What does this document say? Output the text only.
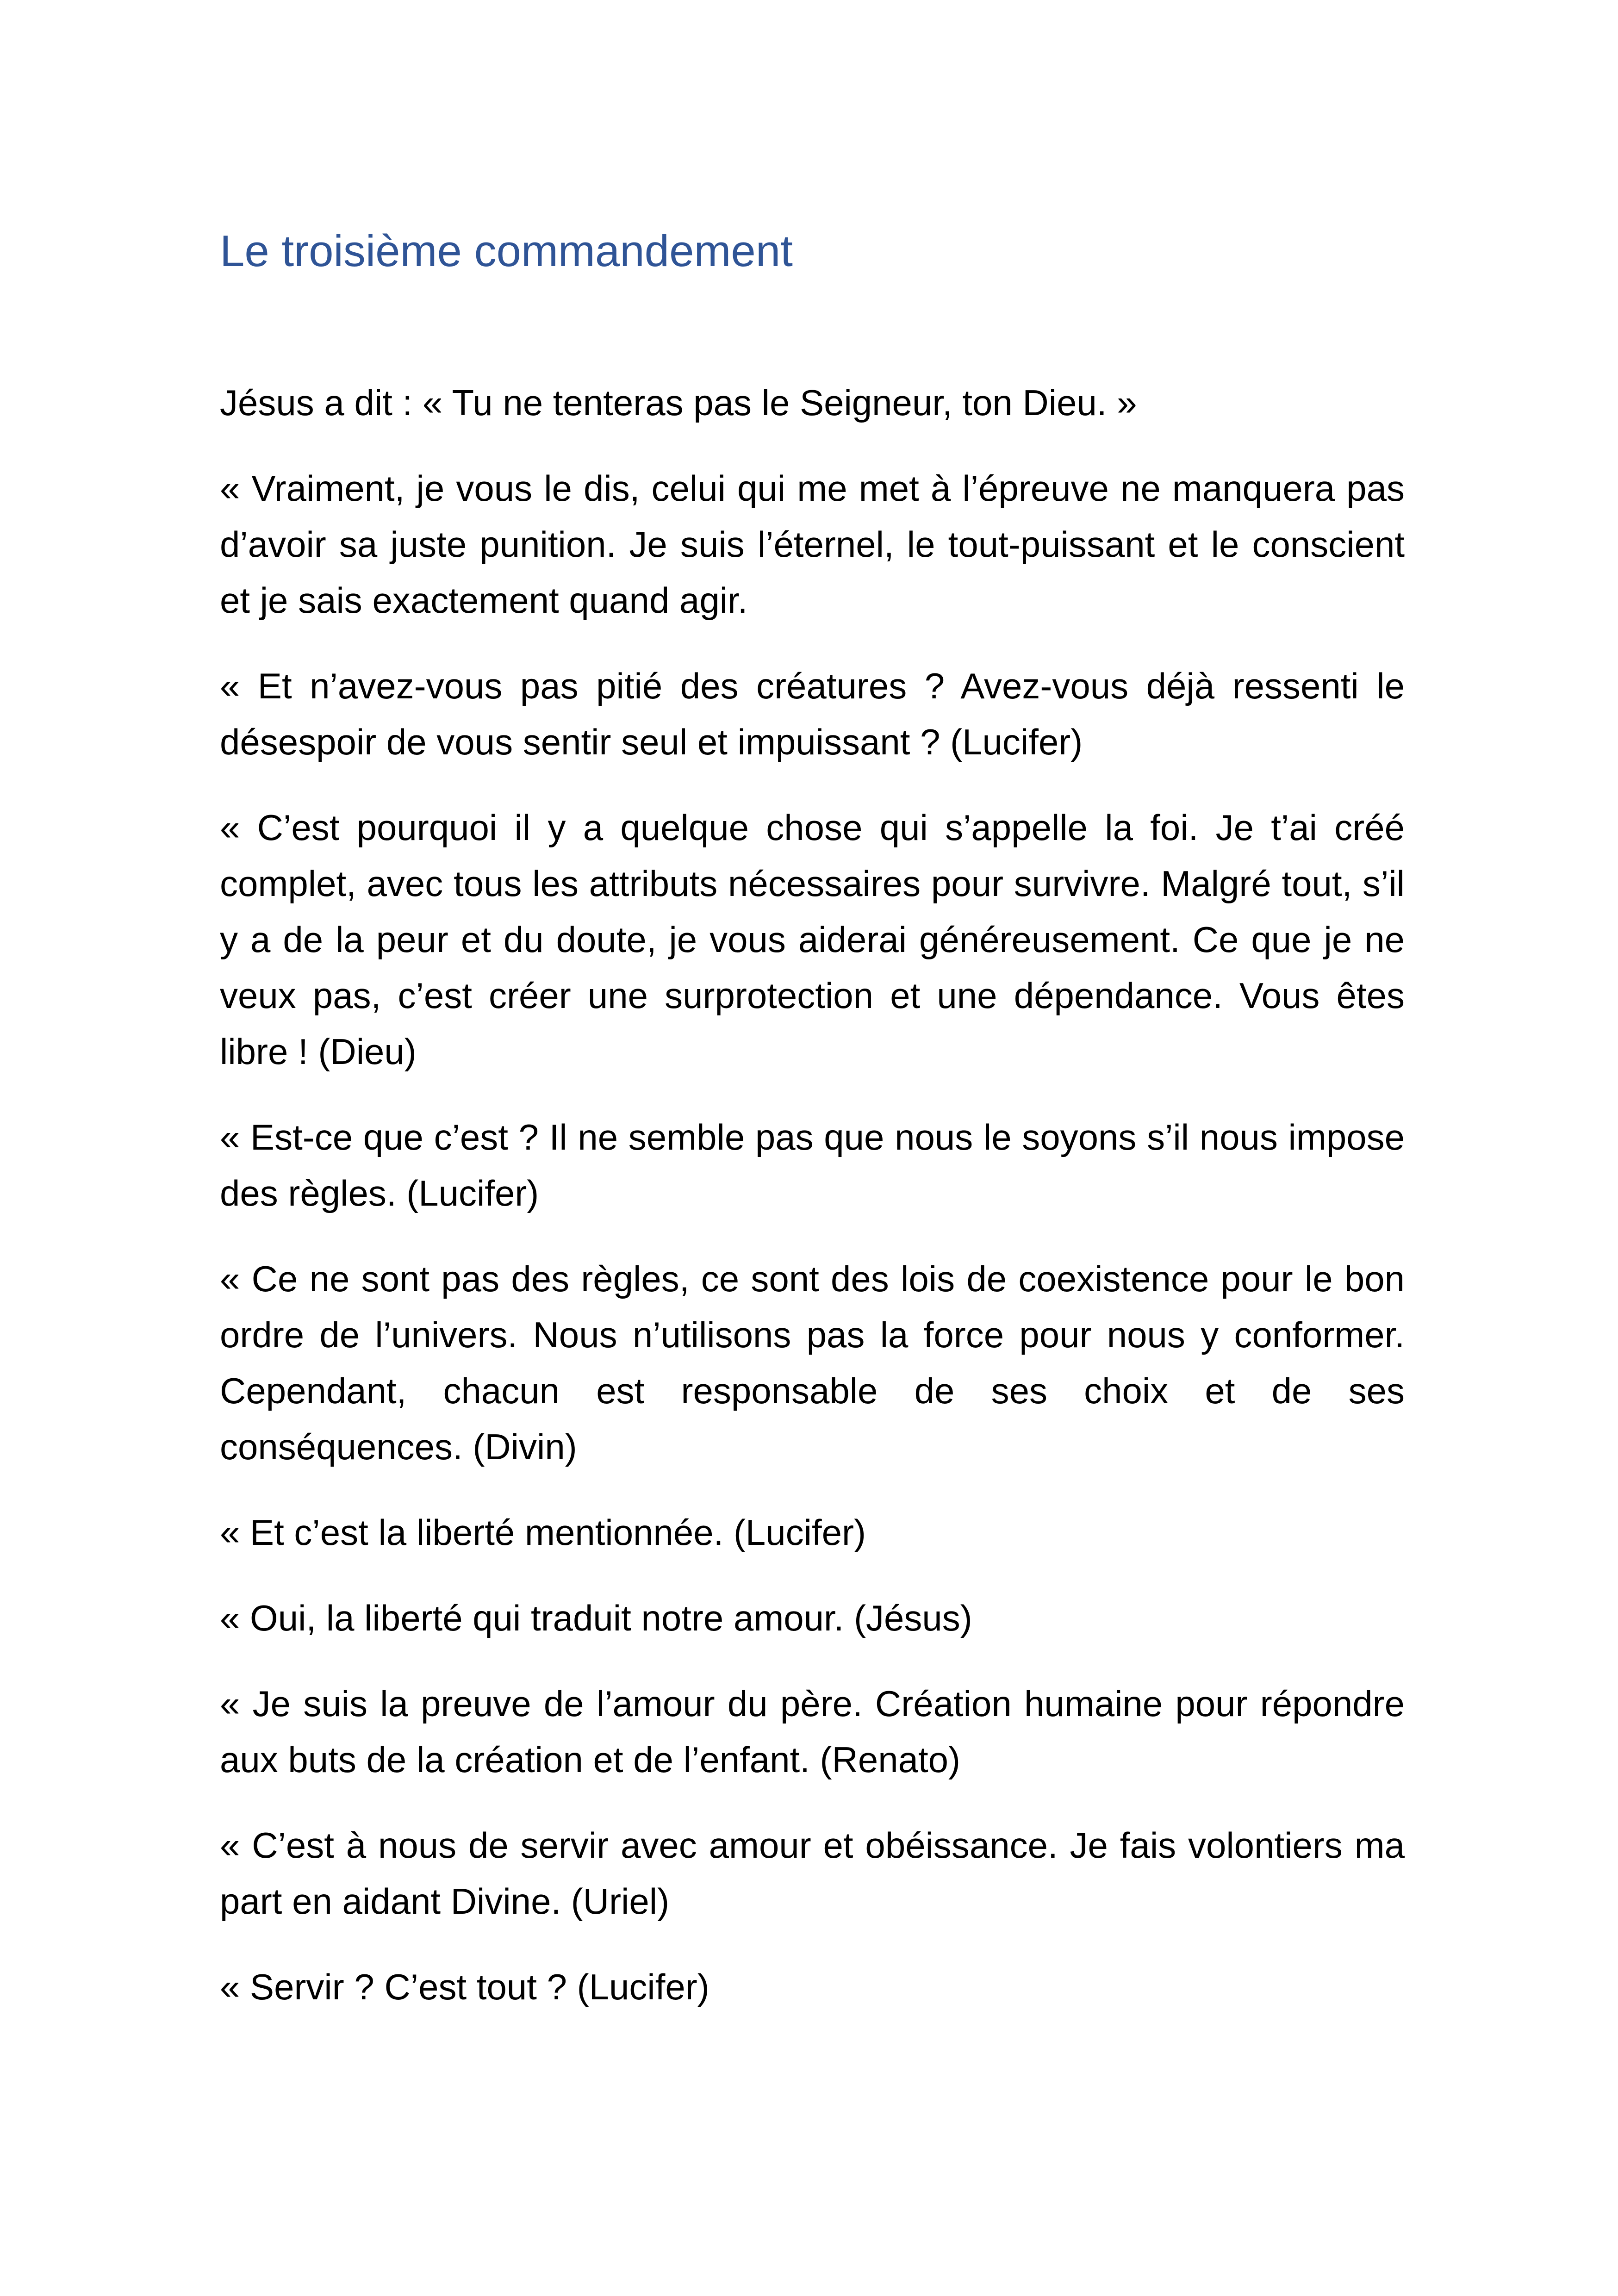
Le troisième commandement

Jésus a dit : « Tu ne tenteras pas le Seigneur, ton Dieu. »

« Vraiment, je vous le dis, celui qui me met à l’épreuve ne manquera pas d’avoir sa juste punition. Je suis l’éternel, le tout-puissant et le conscient et je sais exactement quand agir.

« Et n’avez-vous pas pitié des créatures ? Avez-vous déjà ressenti le désespoir de vous sentir seul et impuissant ? (Lucifer)

« C’est pourquoi il y a quelque chose qui s’appelle la foi. Je t’ai créé complet, avec tous les attributs nécessaires pour survivre. Malgré tout, s’il y a de la peur et du doute, je vous aiderai généreusement. Ce que je ne veux pas, c’est créer une surprotection et une dépendance. Vous êtes libre ! (Dieu)

« Est-ce que c’est ? Il ne semble pas que nous le soyons s’il nous impose des règles. (Lucifer)

« Ce ne sont pas des règles, ce sont des lois de coexistence pour le bon ordre de l’univers. Nous n’utilisons pas la force pour nous y conformer. Cependant, chacun est responsable de ses choix et de ses conséquences. (Divin)

« Et c’est la liberté mentionnée. (Lucifer)

« Oui, la liberté qui traduit notre amour. (Jésus)

« Je suis la preuve de l’amour du père. Création humaine pour répondre aux buts de la création et de l’enfant. (Renato)

« C’est à nous de servir avec amour et obéissance. Je fais volontiers ma part en aidant Divine. (Uriel)

« Servir ? C’est tout ? (Lucifer)
